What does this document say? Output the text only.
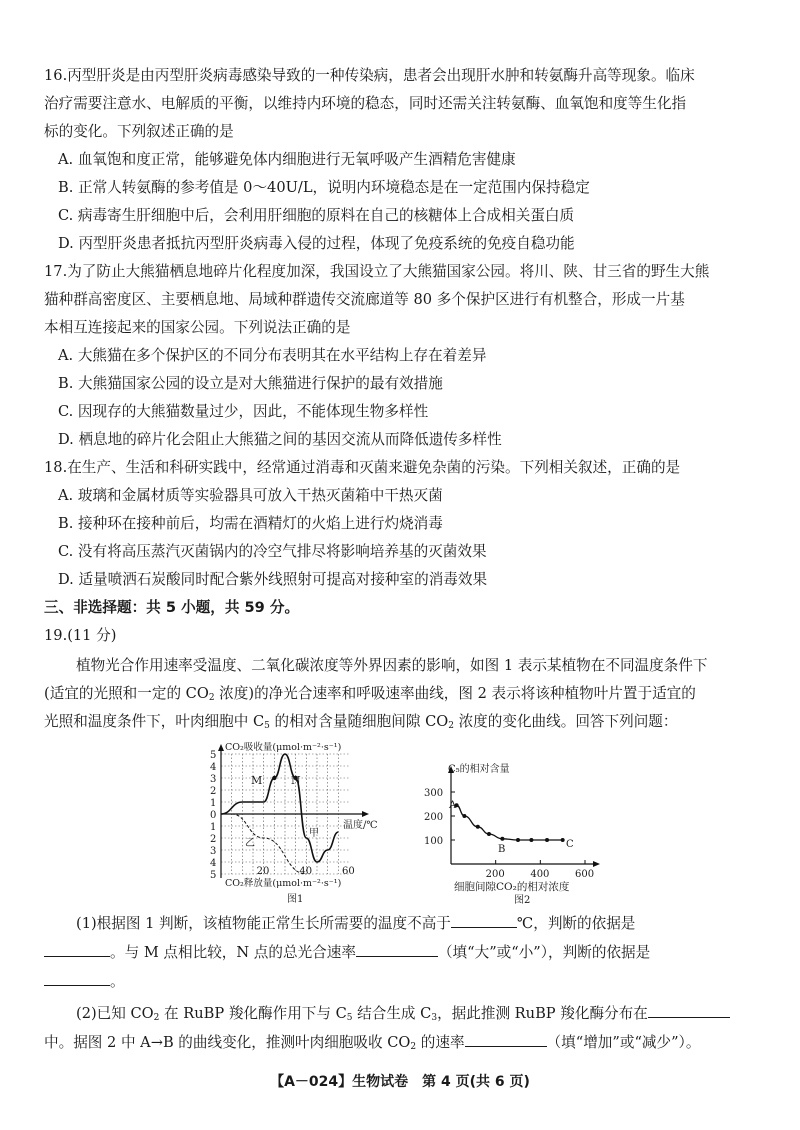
16.丙型肝炎是由丙型肝炎病毒感染导致的一种传染病，患者会出现肝水肿和转氨酶升高等现象。临床
治疗需要注意水、电解质的平衡，以维持内环境的稳态，同时还需关注转氨酶、血氧饱和度等生化指
标的变化。下列叙述正确的是
A. 血氧饱和度正常，能够避免体内细胞进行无氧呼吸产生酒精危害健康
B. 正常人转氨酶的参考值是 0～40U/L，说明内环境稳态是在一定范围内保持稳定
C. 病毒寄生肝细胞中后，会利用肝细胞的原料在自己的核糖体上合成相关蛋白质
D. 丙型肝炎患者抵抗丙型肝炎病毒入侵的过程，体现了免疫系统的免疫自稳功能
17.为了防止大熊猫栖息地碎片化程度加深，我国设立了大熊猫国家公园。将川、陕、甘三省的野生大熊
猫种群高密度区、主要栖息地、局域种群遗传交流廊道等 80 多个保护区进行有机整合，形成一片基
本相互连接起来的国家公园。下列说法正确的是
A. 大熊猫在多个保护区的不同分布表明其在水平结构上存在着差异
B. 大熊猫国家公园的设立是对大熊猫进行保护的最有效措施
C. 因现存的大熊猫数量过少，因此，不能体现生物多样性
D. 栖息地的碎片化会阻止大熊猫之间的基因交流从而降低遗传多样性
18.在生产、生活和科研实践中，经常通过消毒和灭菌来避免杂菌的污染。下列相关叙述，正确的是
A. 玻璃和金属材质等实验器具可放入干热灭菌箱中干热灭菌
B. 接种环在接种前后，均需在酒精灯的火焰上进行灼烧消毒
C. 没有将高压蒸汽灭菌锅内的冷空气排尽将影响培养基的灭菌效果
D. 适量喷洒石炭酸同时配合紫外线照射可提高对接种室的消毒效果
三、非选择题：共 5 小题，共 59 分。
19.(11 分)
植物光合作用速率受温度、二氧化碳浓度等外界因素的影响，如图 1 表示某植物在不同温度条件下
(适宜的光照和一定的 $CO_2$ 浓度)的净光合速率和呼吸速率曲线，图 2 表示将该种植物叶片置于适宜的
光照和温度条件下，叶肉细胞中 $C_5$ 的相对含量随细胞间隙 $CO_2$ 浓度的变化曲线。回答下列问题：
CO₂吸收量(μmol·m⁻²·s⁻¹)
CO₂释放量(μmol·m⁻²·s⁻¹)
温度/℃
0
1
2
3
4
5
1
2
3
4
5	20	40	60
M	N
乙
甲
图1
C₅的相对含量
细胞间隙CO₂的相对浓度
100
200
300
200	400	600
A
B	C
图2
(1)根据图 1 判断，该植物能正常生长所需要的温度不高于	℃，判断的依据是
。与 M 点相比较，N 点的总光合速率	（填“大”或“小”），判断的依据是
。
(2)已知 $CO_2$ 在 RuBP 羧化酶作用下与 $C_5$ 结合生成 $C_3$，据此推测 RuBP 羧化酶分布在
中。据图 2 中 A→B 的曲线变化，推测叶肉细胞吸收 $CO_2$ 的速率	（填“增加”或“减少”）。
【A－024】生物试卷　第 4 页(共 6 页)
